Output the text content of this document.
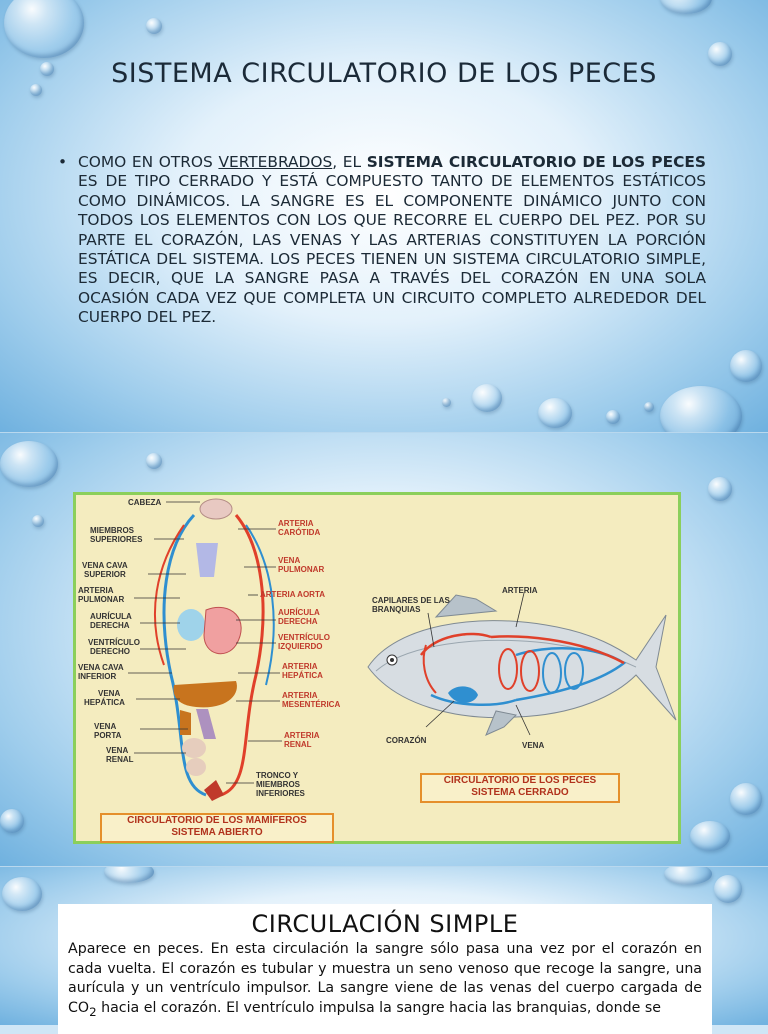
SISTEMA CIRCULATORIO DE LOS PECES
• COMO EN OTROS VERTEBRADOS, EL SISTEMA CIRCULATORIO DE LOS PECES ES DE TIPO CERRADO Y ESTÁ COMPUESTO TANTO DE ELEMENTOS ESTÁTICOS COMO DINÁMICOS. LA SANGRE ES EL COMPONENTE DINÁMICO JUNTO CON TODOS LOS ELEMENTOS CON LOS QUE RECORRE EL CUERPO DEL PEZ. POR SU PARTE EL CORAZÓN, LAS VENAS Y LAS ARTERIAS CONSTITUYEN LA PORCIÓN ESTÁTICA DEL SISTEMA. LOS PECES TIENEN UN SISTEMA CIRCULATORIO SIMPLE, ES DECIR, QUE LA SANGRE PASA A TRAVÉS DEL CORAZÓN EN UNA SOLA OCASIÓN CADA VEZ QUE COMPLETA UN CIRCUITO COMPLETO ALREDEDOR DEL CUERPO DEL PEZ.

CABEZA
MIEMBROS
SUPERIORES
VENA CAVA
SUPERIOR
ARTERIA
PULMONAR
AURÍCULA
DERECHA
VENTRÍCULO
DERECHO
VENA CAVA
INFERIOR
VENA
HEPÁTICA
VENA
PORTA
VENA
RENAL
ARTERIA
CARÓTIDA
VENA
PULMONAR
ARTERIA AORTA
AURÍCULA
DERECHA
VENTRÍCULO
IZQUIERDO
ARTERIA
HEPÁTICA
ARTERIA
MESENTÉRICA
ARTERIA
RENAL
TRONCO Y
MIEMBROS
INFERIORES
CAPILARES DE LAS
BRANQUIAS
ARTERIA
CORAZÓN
VENA
CIRCULATORIO DE LOS MAMÍFEROS
SISTEMA ABIERTO
CIRCULATORIO DE LOS PECES
SISTEMA CERRADO
CIRCULACIÓN SIMPLE
Aparece en peces. En esta circulación la sangre sólo pasa una vez por el corazón en cada vuelta. El corazón es tubular y muestra un seno venoso que recoge la sangre, una aurícula y un ventrículo impulsor. La sangre viene de las venas del cuerpo cargada de $CO_2$ hacia el corazón. El ventrículo impulsa la sangre hacia las branquias, donde se
